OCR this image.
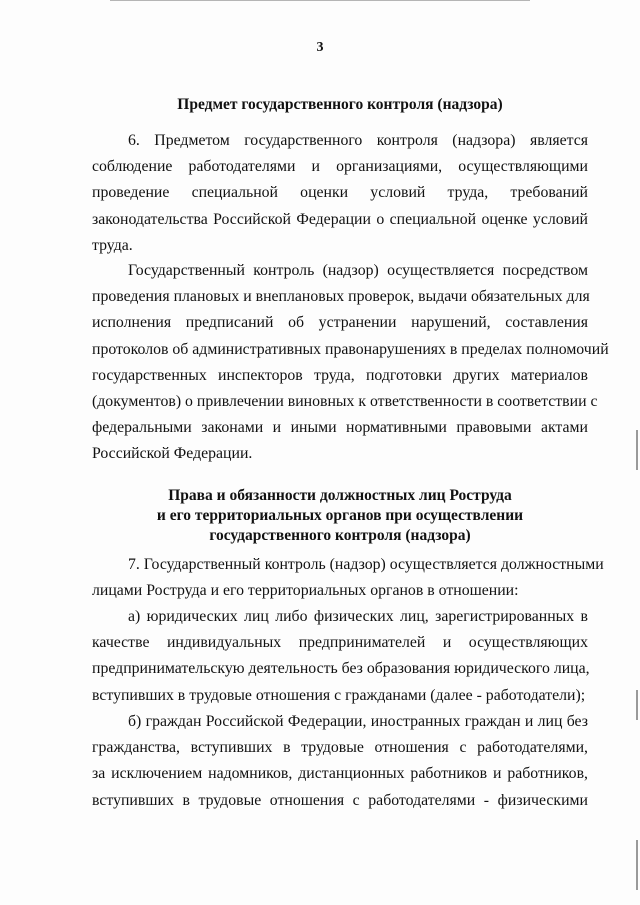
3
Предмет государственного контроля (надзора)
6. Предметом государственного контроля (надзора) является
соблюдение работодателями и организациями, осуществляющими
проведение специальной оценки условий труда, требований
законодательства Российской Федерации о специальной оценке условий
труда.
Государственный контроль (надзор) осуществляется посредством
проведения плановых и внеплановых проверок, выдачи обязательных для
исполнения предписаний об устранении нарушений, составления
протоколов об административных правонарушениях в пределах полномочий
государственных инспекторов труда, подготовки других материалов
(документов) о привлечении виновных к ответственности в соответствии с
федеральными законами и иными нормативными правовыми актами
Российской Федерации.
Права и обязанности должностных лиц Роструда
и его территориальных органов при осуществлении
государственного контроля (надзора)
7. Государственный контроль (надзор) осуществляется должностными
лицами Роструда и его территориальных органов в отношении:
а) юридических лиц либо физических лиц, зарегистрированных в
качестве индивидуальных предпринимателей и осуществляющих
предпринимательскую деятельность без образования юридического лица,
вступивших в трудовые отношения с гражданами (далее - работодатели);
б) граждан Российской Федерации, иностранных граждан и лиц без
гражданства, вступивших в трудовые отношения с работодателями,
за исключением надомников, дистанционных работников и работников,
вступивших в трудовые отношения с работодателями - физическими
